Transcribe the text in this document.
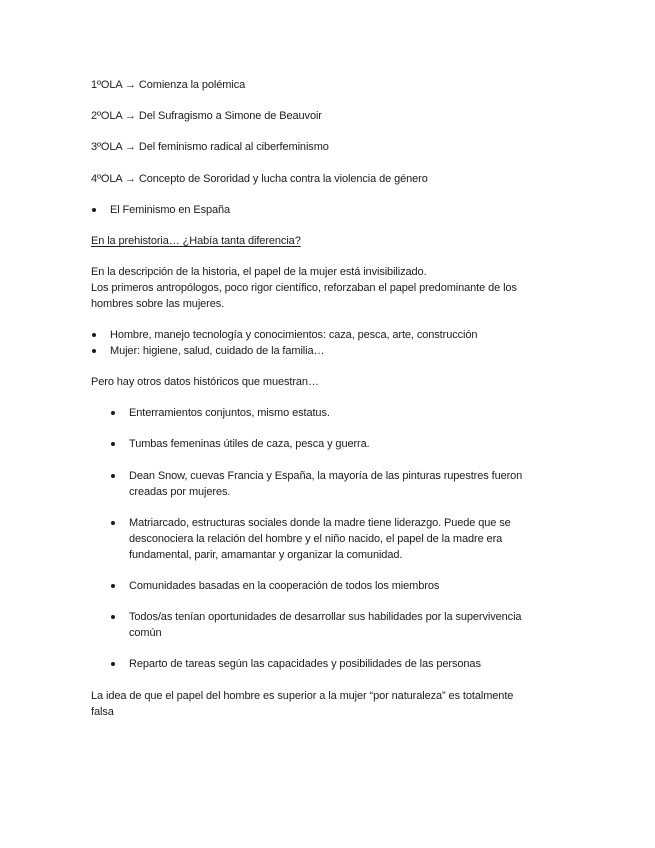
1ºOLA → Comienza la polémica
2ºOLA → Del Sufragismo a Simone de Beauvoir
3ºOLA → Del feminismo radical al ciberfeminismo
4ºOLA → Concepto de Sororidad y lucha contra la violencia de género
El Feminismo en España
En la prehistoria… ¿Había tanta diferencia?
En la descripción de la historia, el papel de la mujer está invisibilizado.
Los primeros antropólogos, poco rigor científico, reforzaban el papel predominante de los
hombres sobre las mujeres.
Hombre, manejo tecnología y conocimientos: caza, pesca, arte, construcción
Mujer: higiene, salud, cuidado de la familia…
Pero hay otros datos históricos que muestran…
Enterramientos conjuntos, mismo estatus.
Tumbas femeninas útiles de caza, pesca y guerra.
Dean Snow, cuevas Francia y España, la mayoría de las pinturas rupestres fueron
creadas por mujeres.
Matriarcado, estructuras sociales donde la madre tiene liderazgo. Puede que se
desconociera la relación del hombre y el niño nacido, el papel de la madre era
fundamental, parir, amamantar y organizar la comunidad.
Comunidades basadas en la cooperación de todos los miembros
Todos/as tenían oportunidades de desarrollar sus habilidades por la supervivencia
común
Reparto de tareas según las capacidades y posibilidades de las personas
La idea de que el papel del hombre es superior a la mujer “por naturaleza” es totalmente
falsa
